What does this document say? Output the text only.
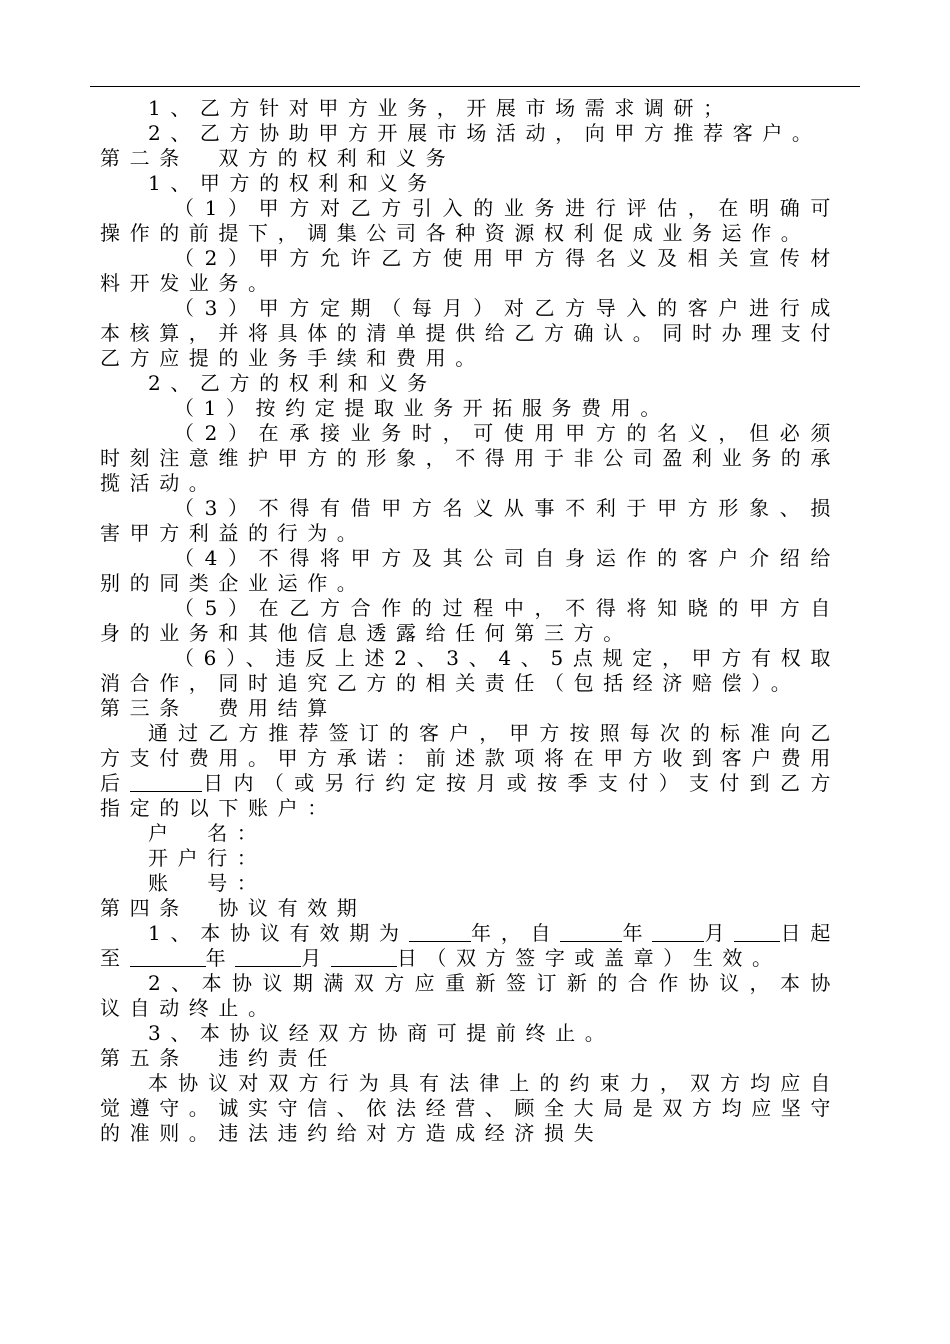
1、乙方针对甲方业务，开展市场需求调研；

2、乙方协助甲方开展市场活动，向甲方推荐客户。

第二条　双方的权利和义务

1、甲方的权利和义务

（1）甲方对乙方引入的业务进行评估，在明确可操作的前提下，调集公司各种资源权利促成业务运作。

（2）甲方允许乙方使用甲方得名义及相关宣传材料开发业务。

（3）甲方定期（每月）对乙方导入的客户进行成本核算，并将具体的清单提供给乙方确认。同时办理支付乙方应提的业务手续和费用。

2、乙方的权利和义务

（1）按约定提取业务开拓服务费用。

（2）在承接业务时，可使用甲方的名义，但必须时刻注意维护甲方的形象，不得用于非公司盈利业务的承揽活动。

（3）不得有借甲方名义从事不利于甲方形象、损害甲方利益的行为。

（4）不得将甲方及其公司自身运作的客户介绍给别的同类企业运作。

（5）在乙方合作的过程中，不得将知晓的甲方自身的业务和其他信息透露给任何第三方。

（6）、违反上述2、3、4、5点规定，甲方有权取消合作，同时追究乙方的相关责任（包括经济赔偿）。

第三条　费用结算

通过乙方推荐签订的客户，甲方按照每次的标准向乙方支付费用。甲方承诺：前述款项将在甲方收到客户费用后	日内（或另行约定按月或按季支付）支付到乙方指定的以下账户：

户　名：

开户行：

账　号：

第四条　协议有效期

1、本协议有效期为	年，自	年	月 日起至	年	月	日（双方签字或盖章）生效。

2、本协议期满双方应重新签订新的合作协议，本协议自动终止。

3、本协议经双方协商可提前终止。

第五条　违约责任

本协议对双方行为具有法律上的约束力，双方均应自觉遵守。诚实守信、依法经营、顾全大局是双方均应坚守的准则。违法违约给对方造成经济损失
